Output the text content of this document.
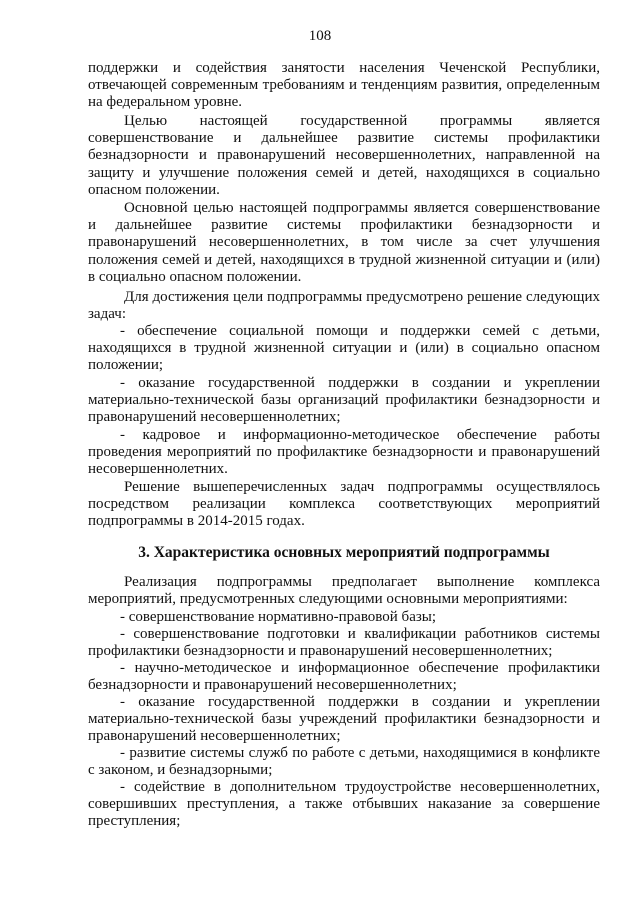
108

поддержки и содействия занятости населения Чеченской Республики, отвечающей современным требованиям и тенденциям развития, определенным на федеральном уровне.

Целью настоящей государственной программы является совершенствование и дальнейшее развитие системы профилактики безнадзорности и правонарушений несовершеннолетних, направленной на защиту и улучшение положения семей и детей, находящихся в социально опасном положении.

Основной целью настоящей подпрограммы является совершенствование и дальнейшее развитие системы профилактики безнадзорности и правонарушений несовершеннолетних, в том числе за счет улучшения положения семей и детей, находящихся в трудной жизненной ситуации и (или) в социально опасном положении.

Для достижения цели подпрограммы предусмотрено решение следующих задач:

- обеспечение социальной помощи и поддержки семей с детьми, находящихся в трудной жизненной ситуации и (или) в социально опасном положении;

- оказание государственной поддержки в создании и укреплении материально-технической базы организаций профилактики безнадзорности и правонарушений несовершеннолетних;

- кадровое и информационно-методическое обеспечение работы проведения мероприятий по профилактике безнадзорности и правонарушений несовершеннолетних.

Решение вышеперечисленных задач подпрограммы осуществлялось посредством реализации комплекса соответствующих мероприятий подпрограммы в 2014-2015 годах.

3. Характеристика основных мероприятий подпрограммы

Реализация подпрограммы предполагает выполнение комплекса мероприятий, предусмотренных следующими основными мероприятиями:

- совершенствование нормативно-правовой базы;

- совершенствование подготовки и квалификации работников системы профилактики безнадзорности и правонарушений несовершеннолетних;

- научно-методическое и информационное обеспечение профилактики безнадзорности и правонарушений несовершеннолетних;

- оказание государственной поддержки в создании и укреплении материально-технической базы учреждений профилактики безнадзорности и правонарушений несовершеннолетних;

- развитие системы служб по работе с детьми, находящимися в конфликте с законом, и безнадзорными;

- содействие в дополнительном трудоустройстве несовершеннолетних, совершивших преступления, а также отбывших наказание за совершение преступления;
